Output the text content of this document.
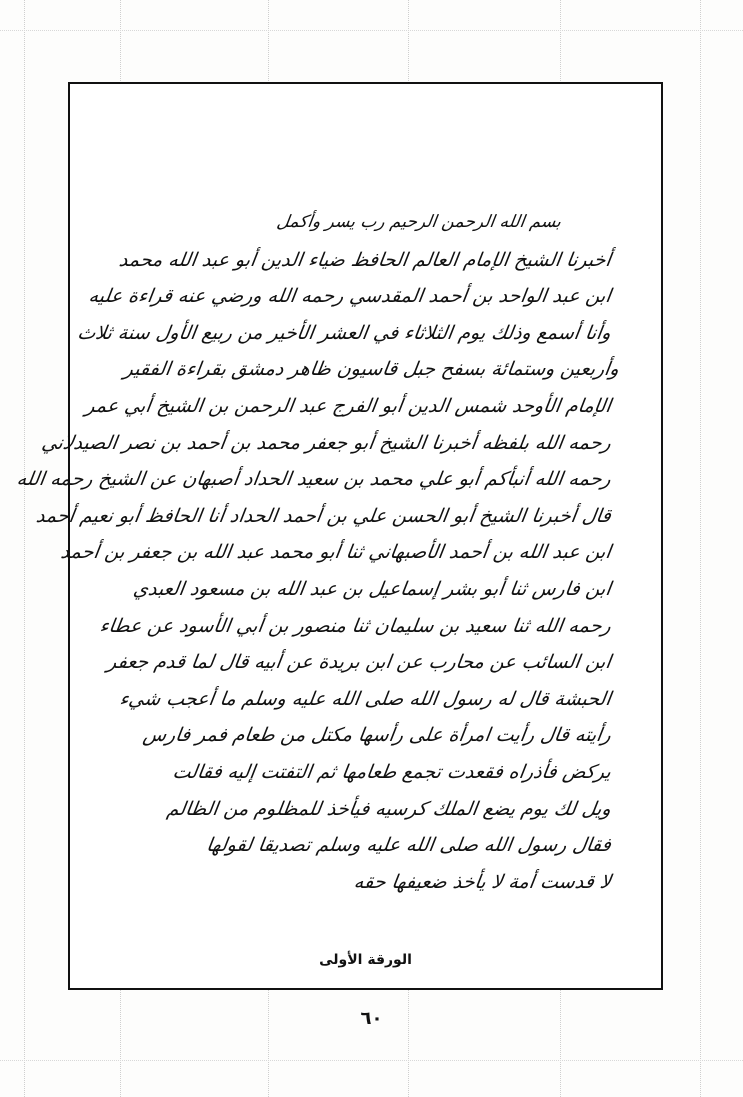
بسم الله الرحمن الرحيم رب يسر وأكمل
أخبرنا الشيخ الإمام العالم الحافظ ضياء الدين أبو عبد الله محمد
ابن عبد الواحد بن أحمد المقدسي رحمه الله ورضي عنه قراءة عليه
وأنا أسمع وذلك يوم الثلاثاء في العشر الأخير من ربيع الأول سنة ثلاث
وأربعين وستمائة بسفح جبل قاسيون ظاهر دمشق بقراءة الفقير
الإمام الأوحد شمس الدين أبو الفرج عبد الرحمن بن الشيخ أبي عمر
رحمه الله بلفظه أخبرنا الشيخ أبو جعفر محمد بن أحمد بن نصر الصيدلاني
رحمه الله أنبأكم أبو علي محمد بن سعيد الحداد أصبهان عن الشيخ رحمه الله
قال أخبرنا الشيخ أبو الحسن علي بن أحمد الحداد أنا الحافظ أبو نعيم أحمد
ابن عبد الله بن أحمد الأصبهاني ثنا أبو محمد عبد الله بن جعفر بن أحمد
ابن فارس ثنا أبو بشر إسماعيل بن عبد الله بن مسعود العبدي
رحمه الله ثنا سعيد بن سليمان ثنا منصور بن أبي الأسود عن عطاء
ابن السائب عن محارب عن ابن بريدة عن أبيه قال لما قدم جعفر
الحبشة قال له رسول الله صلى الله عليه وسلم ما أعجب شيء
رأيته قال رأيت امرأة على رأسها مكتل من طعام فمر فارس
يركض فأذراه فقعدت تجمع طعامها ثم التفتت إليه فقالت
ويل لك يوم يضع الملك كرسيه فيأخذ للمظلوم من الظالم
فقال رسول الله صلى الله عليه وسلم تصديقا لقولها
لا قدست أمة لا يأخذ ضعيفها حقه
الورقة الأولى
٦٠
